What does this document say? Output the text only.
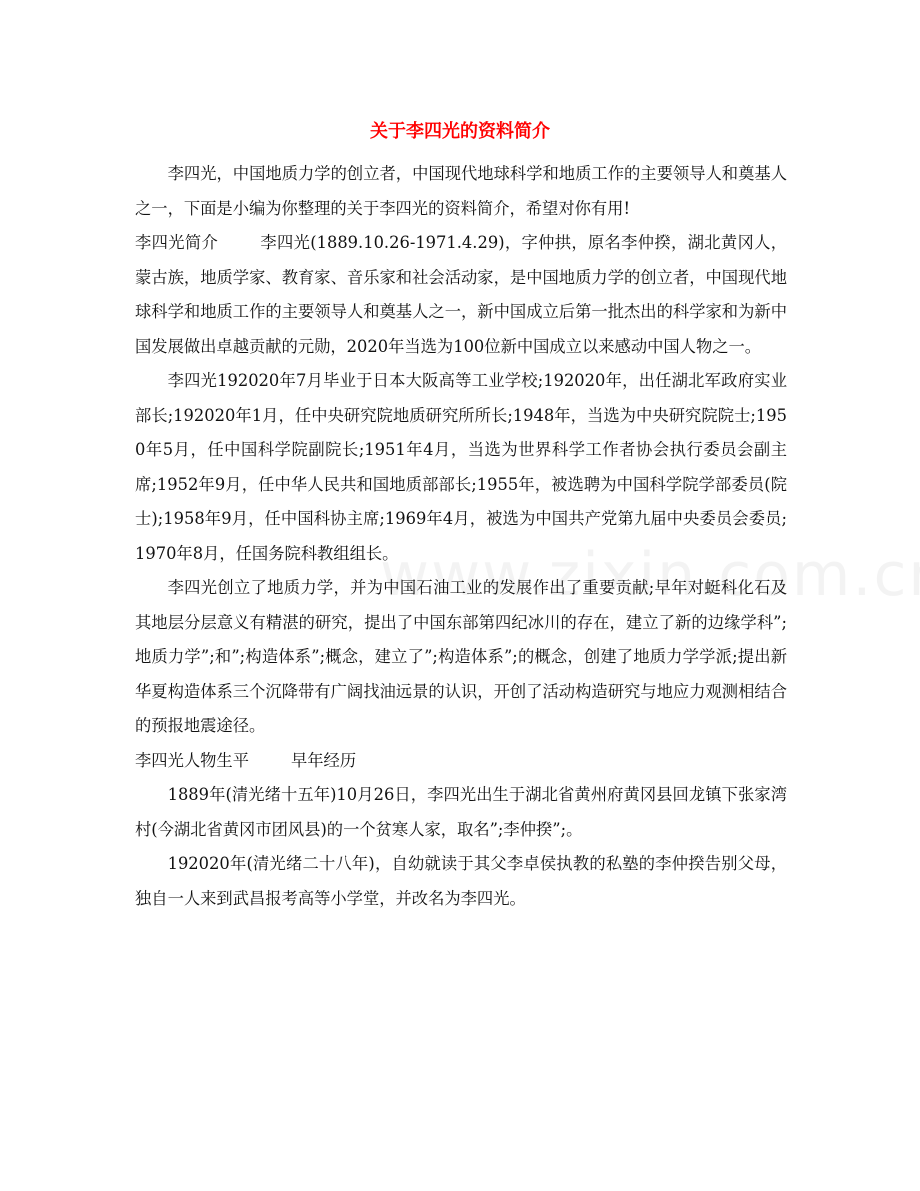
关于李四光的资料简介

李四光，中国地质力学的创立者，中国现代地球科学和地质工作的主要领导人和奠基人之一，下面是小编为你整理的关于李四光的资料简介，希望对你有用!

李四光简介	李四光(1889.10.26-1971.4.29)，字仲拱，原名李仲揆，湖北黄冈人，蒙古族，地质学家、教育家、音乐家和社会活动家，是中国地质力学的创立者，中国现代地球科学和地质工作的主要领导人和奠基人之一，新中国成立后第一批杰出的科学家和为新中国发展做出卓越贡献的元勋，2020年当选为100位新中国成立以来感动中国人物之一。

李四光192020年7月毕业于日本大阪高等工业学校;192020年，出任湖北军政府实业部长;192020年1月，任中央研究院地质研究所所长;1948年，当选为中央研究院院士;1950年5月，任中国科学院副院长;1951年4月，当选为世界科学工作者协会执行委员会副主席;1952年9月，任中华人民共和国地质部部长;1955年，被选聘为中国科学院学部委员(院士);1958年9月，任中国科协主席;1969年4月，被选为中国共产党第九届中央委员会委员;1970年8月，任国务院科教组组长。

李四光创立了地质力学，并为中国石油工业的发展作出了重要贡献;早年对蜓科化石及其地层分层意义有精湛的研究，提出了中国东部第四纪冰川的存在，建立了新的边缘学科”;地质力学”;和”;构造体系”;概念，建立了”;构造体系”;的概念，创建了地质力学学派;提出新华夏构造体系三个沉降带有广阔找油远景的认识，开创了活动构造研究与地应力观测相结合的预报地震途径。

李四光人物生平	早年经历

1889年(清光绪十五年)10月26日，李四光出生于湖北省黄州府黄冈县回龙镇下张家湾村(今湖北省黄冈市团风县)的一个贫寒人家，取名”;李仲揆”;。

192020年(清光绪二十八年)，自幼就读于其父李卓侯执教的私塾的李仲揆告别父母，独自一人来到武昌报考高等小学堂，并改名为李四光。
